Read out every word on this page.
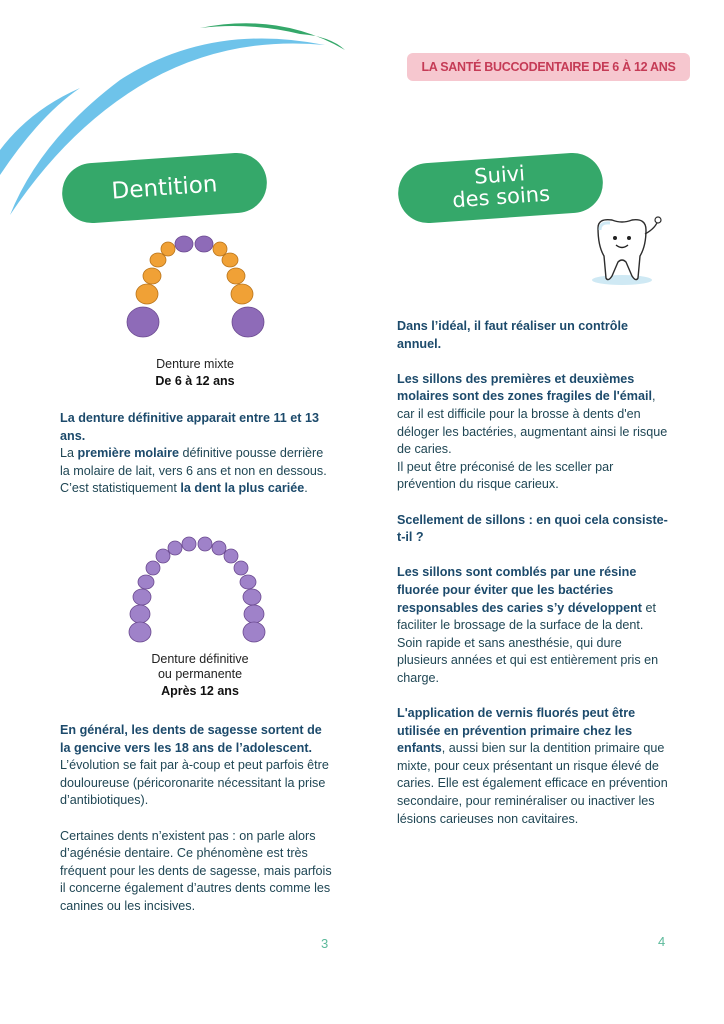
LA SANTÉ BUCCODENTAIRE DE 6 À 12 ANS
Dentition
Denture mixte
De 6 à 12 ans
La denture définitive apparait entre 11 et 13 ans.
La première molaire définitive pousse derrière la molaire de lait, vers 6 ans et non en dessous. C’est statistiquement la dent la plus cariée.
Denture définitive
ou permanente
Après 12 ans

En général, les dents de sagesse sortent de la gencive vers les 18 ans de l’adolescent.
L’évolution se fait par à-coup et peut parfois être douloureuse (péricoronarite nécessitant la prise d’antibiotiques).

Certaines dents n’existent pas : on parle alors d’agénésie dentaire. Ce phénomène est très fréquent pour les dents de sagesse, mais parfois il concerne également d’autres dents comme les canines ou les incisives.

3
Suivi
des soins

Dans l’idéal, il faut réaliser un contrôle annuel.

Les sillons des premières et deuxièmes molaires sont des zones fragiles de l'émail, car il est difficile pour la brosse à dents d'en déloger les bactéries, augmentant ainsi le risque de caries.
Il peut être préconisé de les sceller par prévention du risque carieux.

Scellement de sillons : en quoi cela consiste-t-il ?

Les sillons sont comblés par une résine fluorée pour éviter que les bactéries responsables des caries s’y développent et faciliter le brossage de la surface de la dent. Soin rapide et sans anesthésie, qui dure plusieurs années et qui est entièrement pris en charge.

L'application de vernis fluorés peut être utilisée en prévention primaire chez les enfants, aussi bien sur la dentition primaire que mixte, pour ceux présentant un risque élevé de caries. Elle est également efficace en prévention secondaire, pour reminéraliser ou inactiver les lésions carieuses non cavitaires.

4
